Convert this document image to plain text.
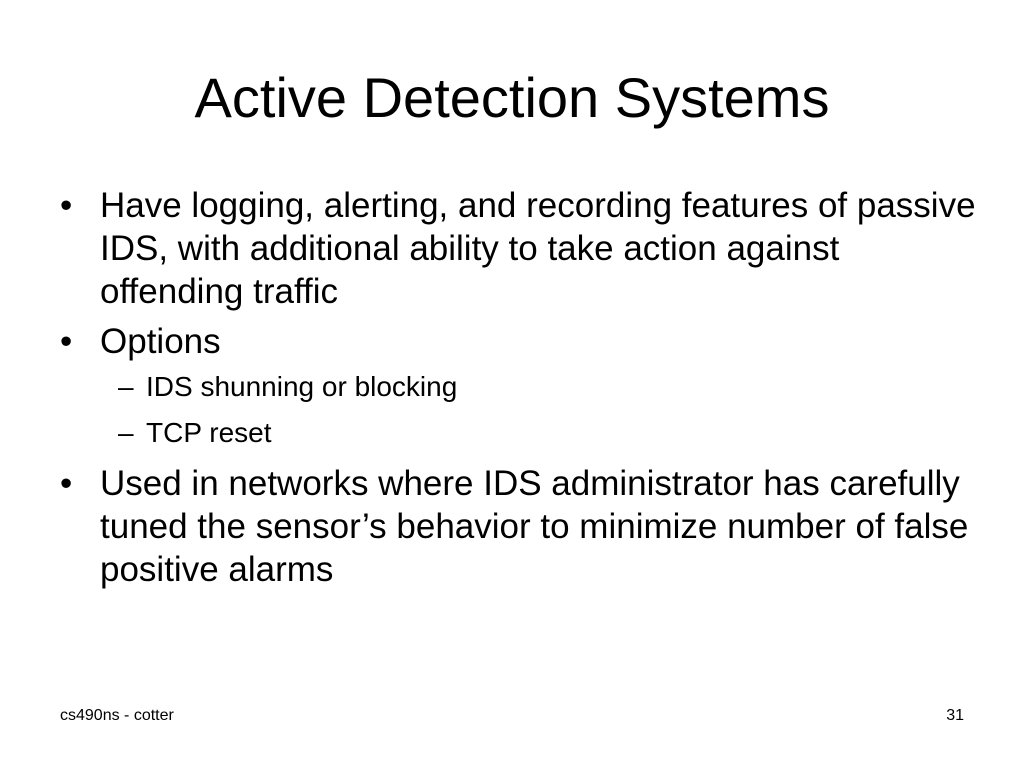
Active Detection Systems
• Have logging, alerting, and recording features of passive IDS, with additional ability to take action against offending traffic
• Options
– IDS shunning or blocking
– TCP reset
• Used in networks where IDS administrator has carefully tuned the sensor’s behavior to minimize number of false positive alarms
cs490ns - cotter	31
